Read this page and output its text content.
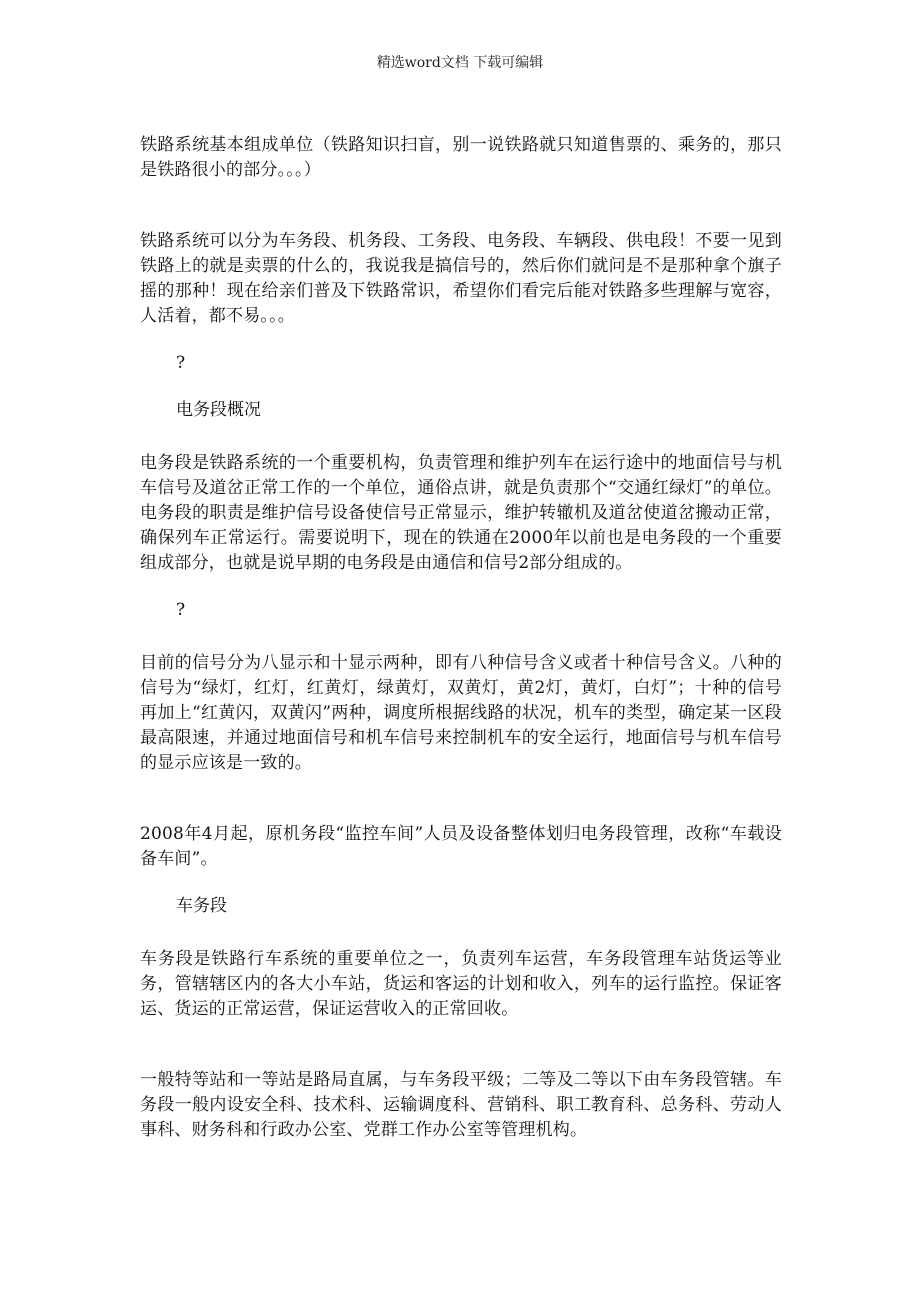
精选word文档 下载可编辑

铁路系统基本组成单位（铁路知识扫盲，别一说铁路就只知道售票的、乘务的，那只是铁路很小的部分。。。）

铁路系统可以分为车务段、机务段、工务段、电务段、车辆段、供电段！不要一见到铁路上的就是卖票的什么的，我说我是搞信号的，然后你们就问是不是那种拿个旗子摇的那种！现在给亲们普及下铁路常识，希望你们看完后能对铁路多些理解与宽容，人活着，都不易。。。

?

电务段概况

电务段是铁路系统的一个重要机构，负责管理和维护列车在运行途中的地面信号与机车信号及道岔正常工作的一个单位，通俗点讲，就是负责那个“交通红绿灯”的单位。电务段的职责是维护信号设备使信号正常显示，维护转辙机及道岔使道岔搬动正常，确保列车正常运行。需要说明下，现在的铁通在2000年以前也是电务段的一个重要组成部分，也就是说早期的电务段是由通信和信号2部分组成的。

?

目前的信号分为八显示和十显示两种，即有八种信号含义或者十种信号含义。八种的信号为“绿灯，红灯，红黄灯，绿黄灯，双黄灯，黄2灯，黄灯，白灯”；十种的信号再加上“红黄闪，双黄闪”两种，调度所根据线路的状况，机车的类型，确定某一区段最高限速，并通过地面信号和机车信号来控制机车的安全运行，地面信号与机车信号的显示应该是一致的。

2008年4月起，原机务段“监控车间”人员及设备整体划归电务段管理，改称“车载设备车间”。

车务段

车务段是铁路行车系统的重要单位之一，负责列车运营，车务段管理车站货运等业务，管辖辖区内的各大小车站，货运和客运的计划和收入，列车的运行监控。保证客运、货运的正常运营，保证运营收入的正常回收。

一般特等站和一等站是路局直属，与车务段平级；二等及二等以下由车务段管辖。车务段一般内设安全科、技术科、运输调度科、营销科、职工教育科、总务科、劳动人事科、财务科和行政办公室、党群工作办公室等管理机构。
